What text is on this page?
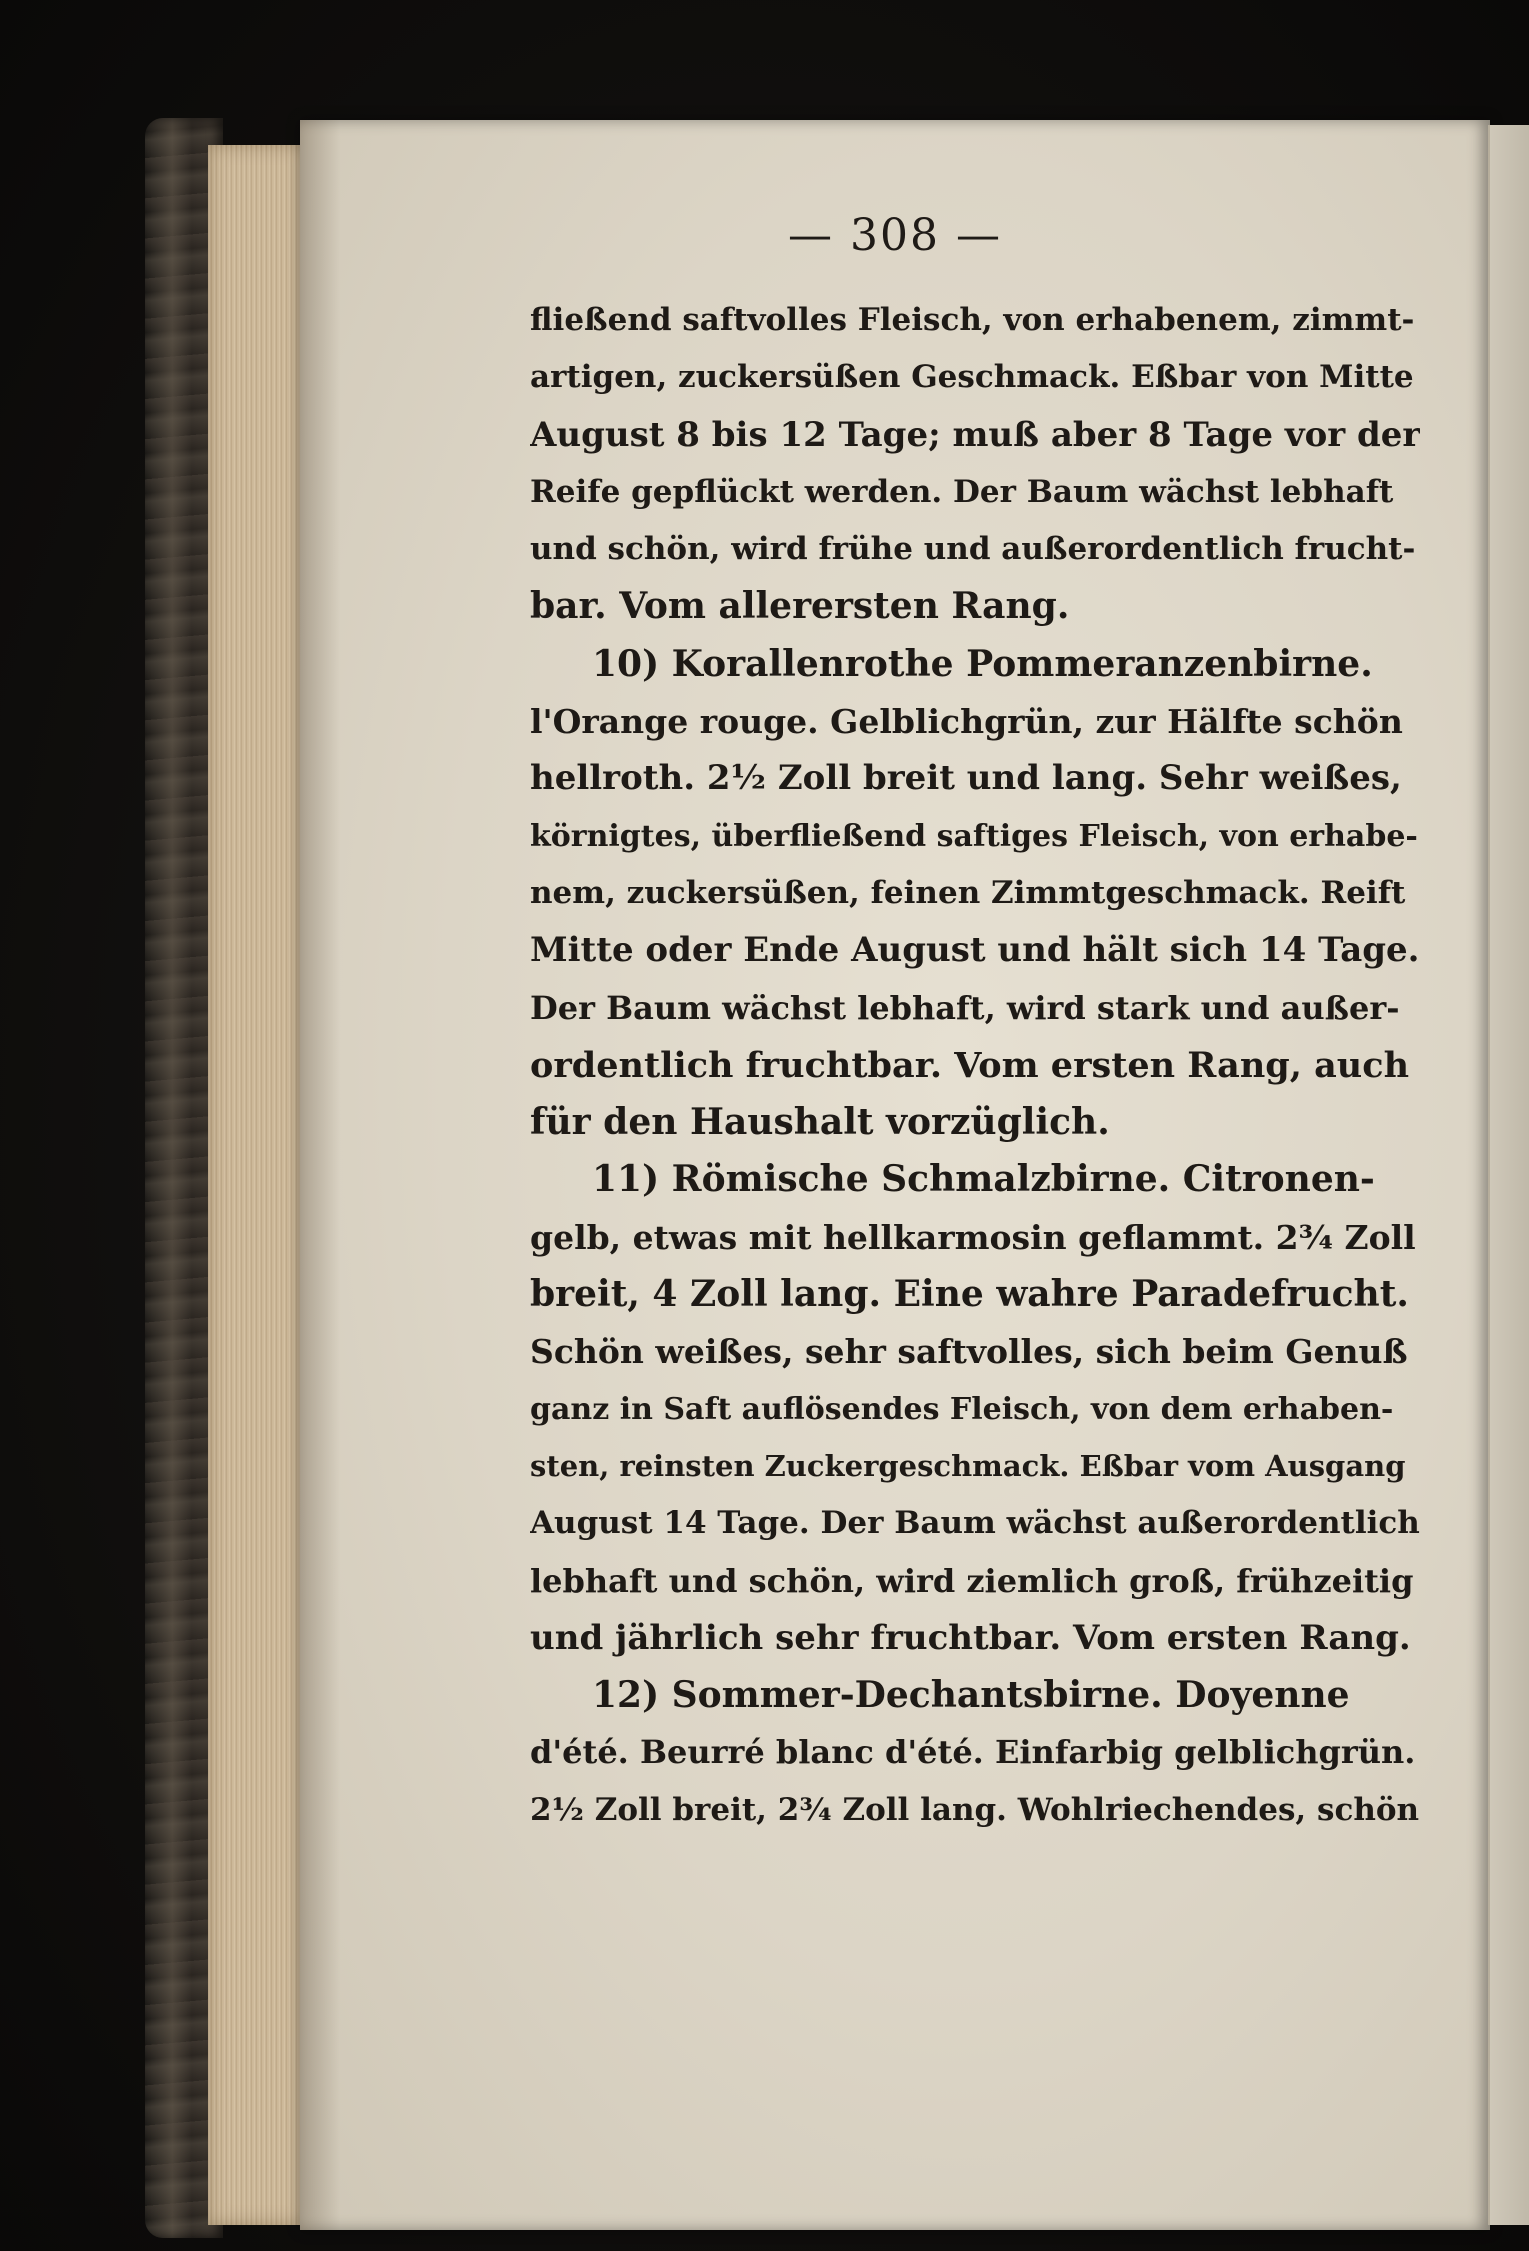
— 308 —
fließend saftvolles Fleisch, von erhabenem, zimmt-
artigen, zuckersüßen Geschmack. Eßbar von Mitte
August 8 bis 12 Tage; muß aber 8 Tage vor der
Reife gepflückt werden. Der Baum wächst lebhaft
und schön, wird frühe und außerordentlich frucht-
bar. Vom allerersten Rang.
10) Korallenrothe Pommeranzenbirne.
l'Orange rouge. Gelblichgrün, zur Hälfte schön
hellroth. 2½ Zoll breit und lang. Sehr weißes,
körnigtes, überfließend saftiges Fleisch, von erhabe-
nem, zuckersüßen, feinen Zimmtgeschmack. Reift
Mitte oder Ende August und hält sich 14 Tage.
Der Baum wächst lebhaft, wird stark und außer-
ordentlich fruchtbar. Vom ersten Rang, auch
für den Haushalt vorzüglich.
11) Römische Schmalzbirne. Citronen-
gelb, etwas mit hellkarmosin geflammt. 2¾ Zoll
breit, 4 Zoll lang. Eine wahre Paradefrucht.
Schön weißes, sehr saftvolles, sich beim Genuß
ganz in Saft auflösendes Fleisch, von dem erhaben-
sten, reinsten Zuckergeschmack. Eßbar vom Ausgang
August 14 Tage. Der Baum wächst außerordentlich
lebhaft und schön, wird ziemlich groß, frühzeitig
und jährlich sehr fruchtbar. Vom ersten Rang.
12) Sommer-Dechantsbirne. Doyenne
d'été. Beurré blanc d'été. Einfarbig gelblichgrün.
2½ Zoll breit, 2¾ Zoll lang. Wohlriechendes, schön
